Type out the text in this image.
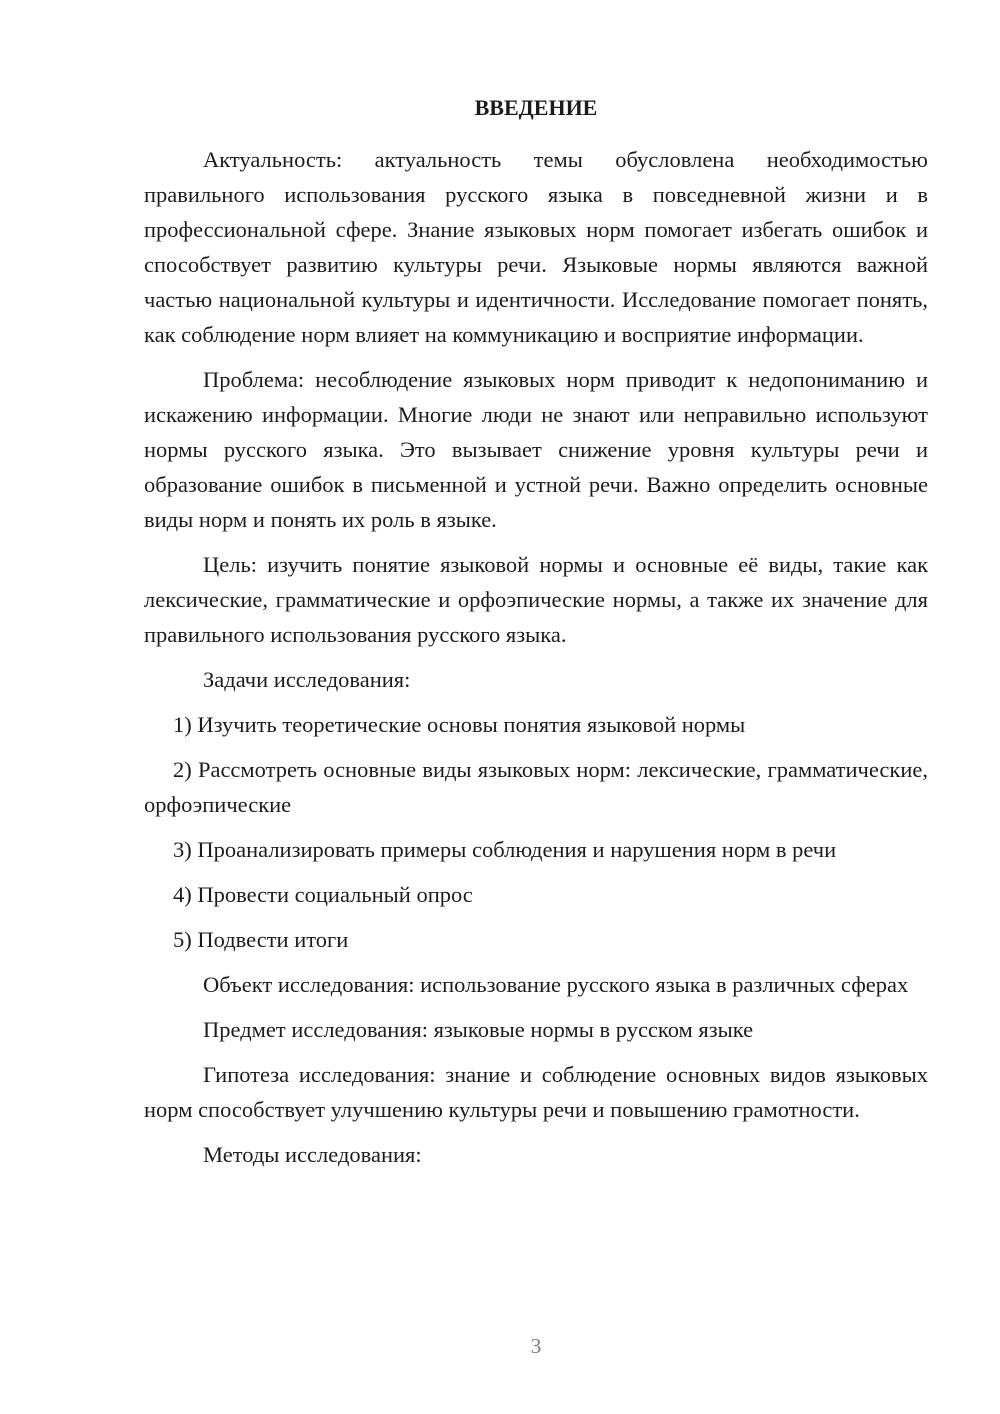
ВВЕДЕНИЕ

Актуальность: актуальность темы обусловлена необходимостью правильного использования русского языка в повседневной жизни и в профессиональной сфере. Знание языковых норм помогает избегать ошибок и способствует развитию культуры речи. Языковые нормы являются важной частью национальной культуры и идентичности. Исследование помогает понять, как соблюдение норм влияет на коммуникацию и восприятие информации.

Проблема: несоблюдение языковых норм приводит к недопониманию и искажению информации. Многие люди не знают или неправильно используют нормы русского языка. Это вызывает снижение уровня культуры речи и образование ошибок в письменной и устной речи. Важно определить основные виды норм и понять их роль в языке.

Цель: изучить понятие языковой нормы и основные её виды, такие как лексические, грамматические и орфоэпические нормы, а также их значение для правильного использования русского языка.

Задачи исследования:

1) Изучить теоретические основы понятия языковой нормы

2) Рассмотреть основные виды языковых норм: лексические, грамматические, орфоэпические

3) Проанализировать примеры соблюдения и нарушения норм в речи

4) Провести социальный опрос

5) Подвести итоги

Объект исследования: использование русского языка в различных сферах

Предмет исследования: языковые нормы в русском языке

Гипотеза исследования: знание и соблюдение основных видов языковых норм способствует улучшению культуры речи и повышению грамотности.

Методы исследования:

3
